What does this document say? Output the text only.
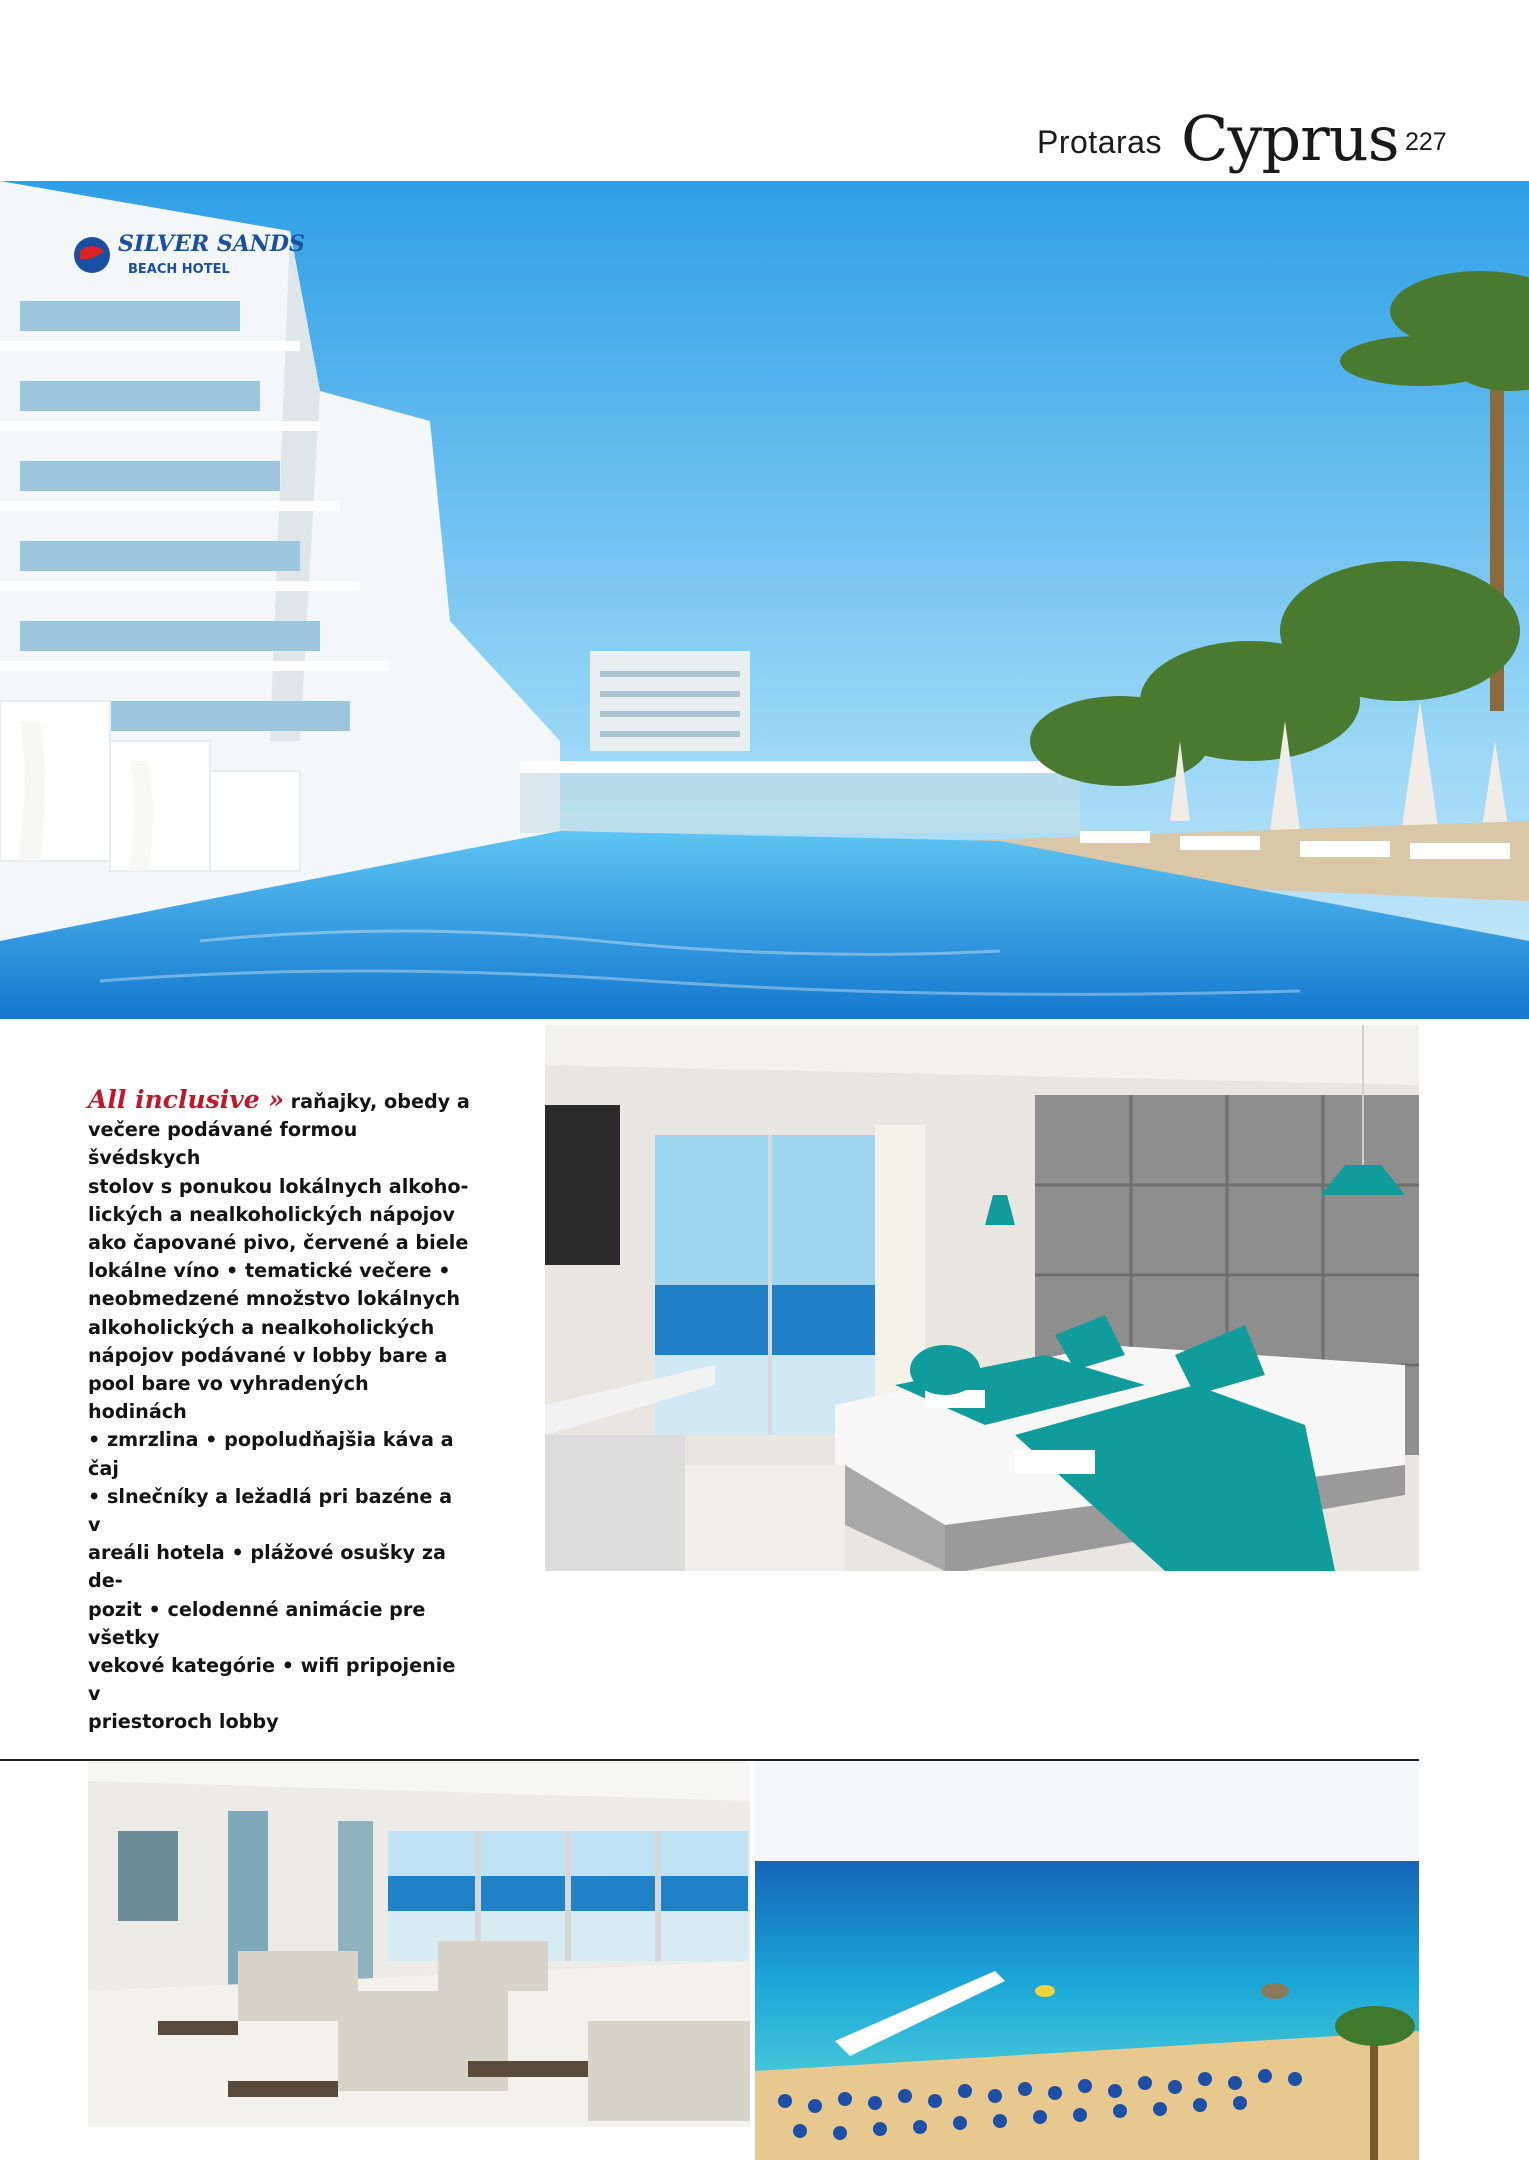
Protaras Cyprus 227
SILVER SANDS
BEACH HOTEL
All inclusive » raňajky, obedy a
večere podávané formou švédskych
stolov s ponukou lokálnych alkoho-
lických a nealkoholických nápojov
ako čapované pivo, červené a biele
lokálne víno • tematické večere •
neobmedzené množstvo lokálnych
alkoholických a nealkoholických
nápojov podávané v lobby bare a
pool bare vo vyhradených hodinách
• zmrzlina • popoludňajšia káva a čaj
• slnečníky a ležadlá pri bazéne a v
areáli hotela • plážové osušky za de-
pozit • celodenné animácie pre všetky
vekové kategórie • wifi pripojenie v
priestoroch lobby
